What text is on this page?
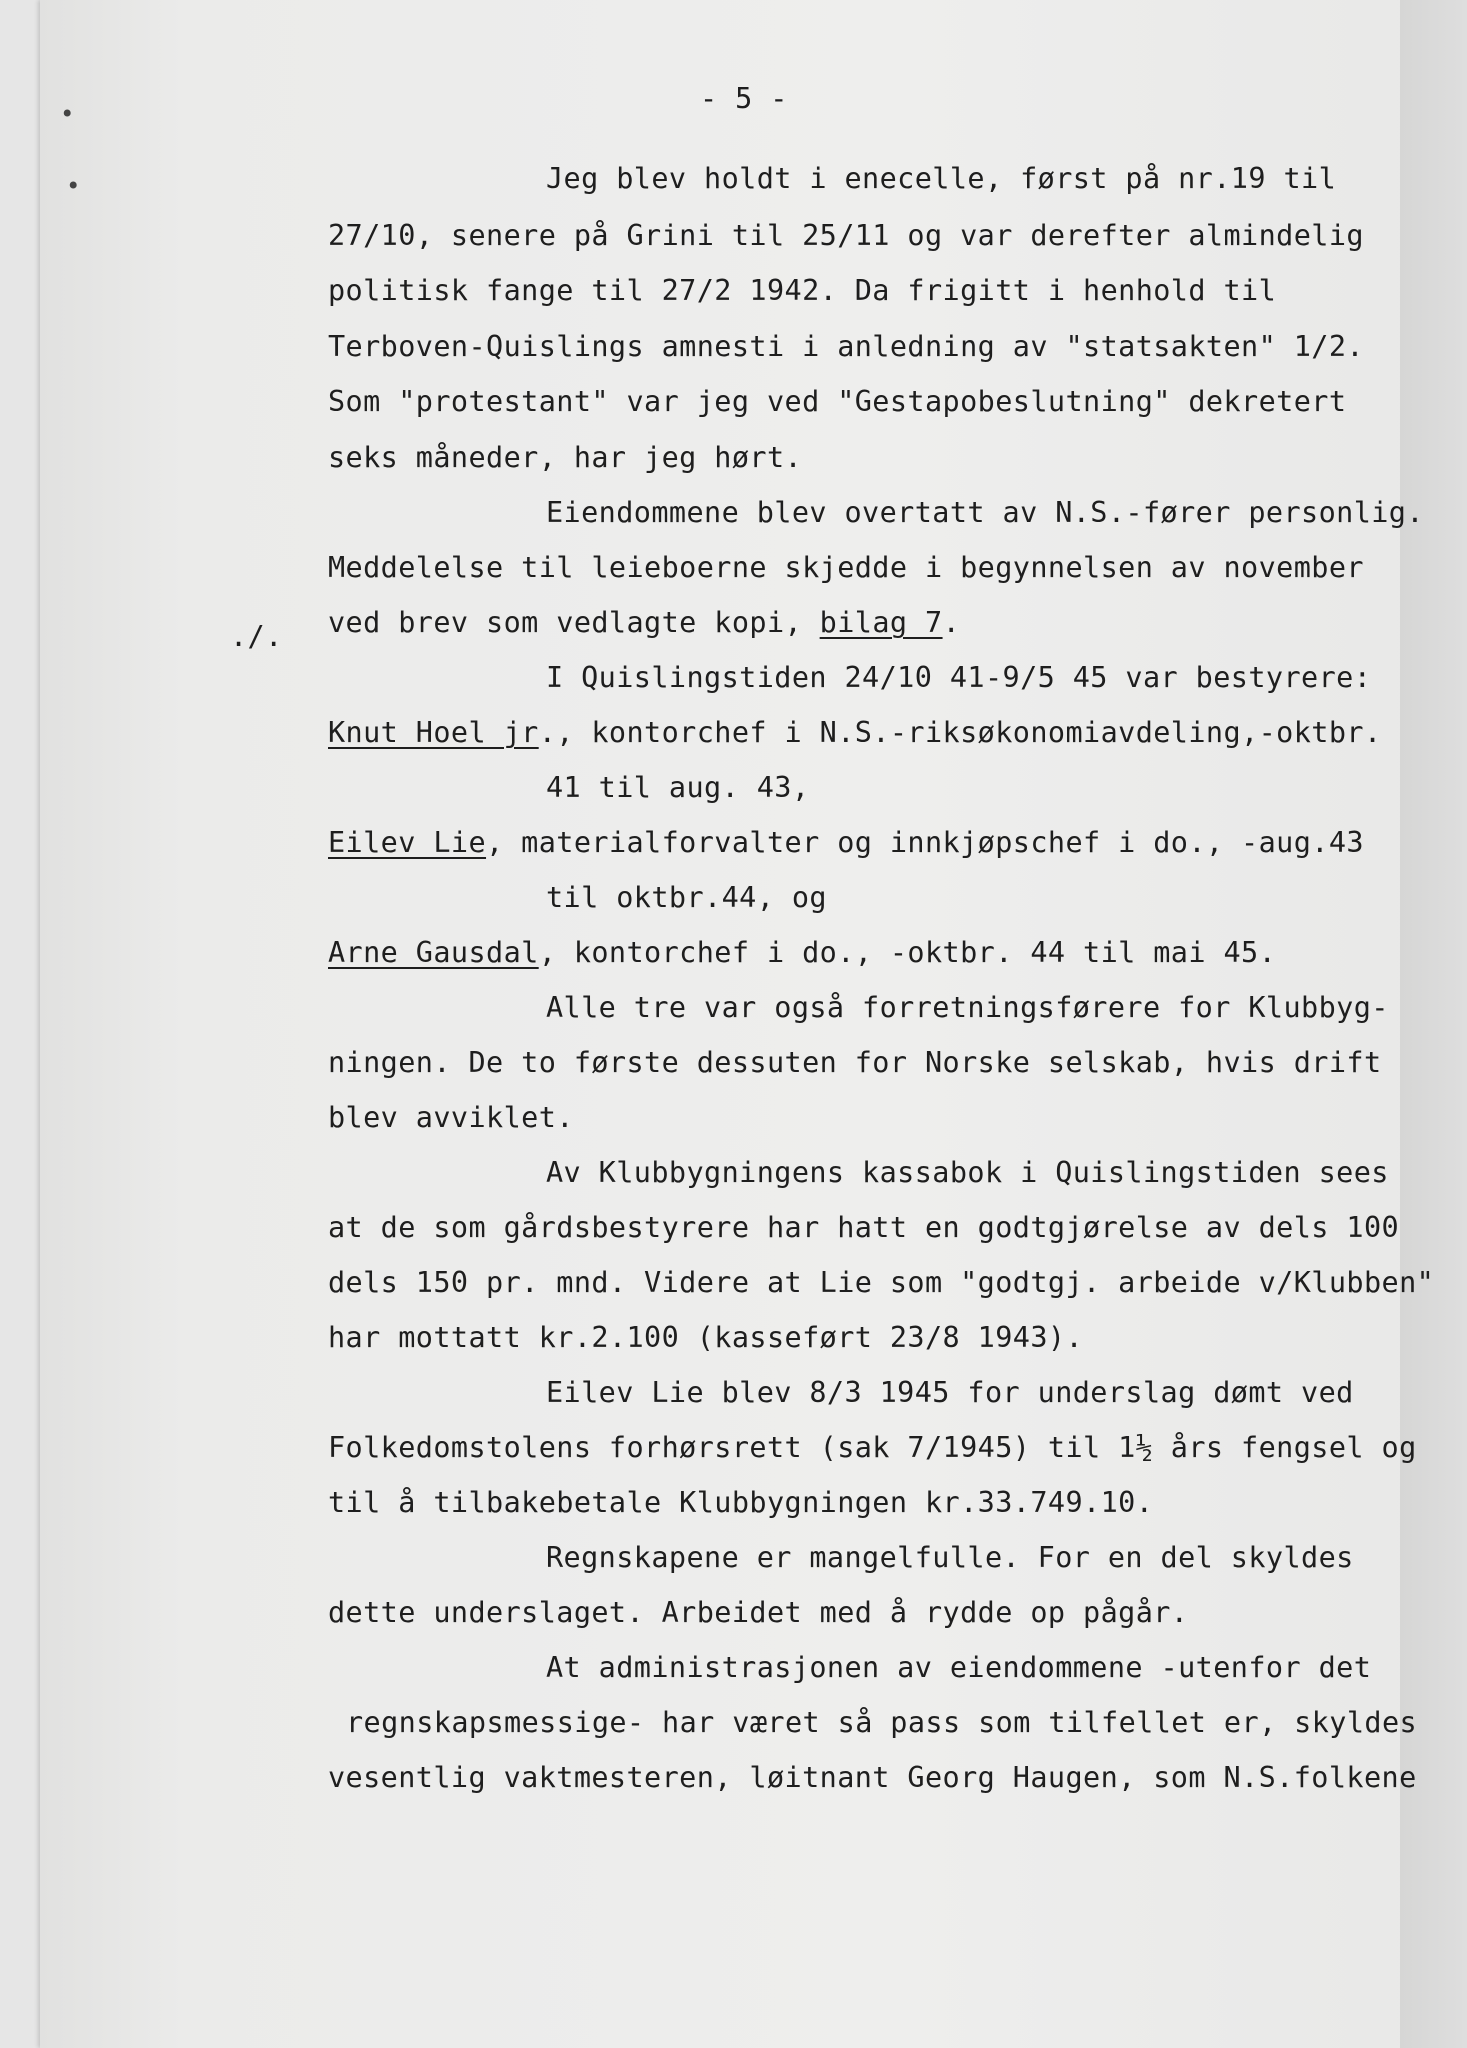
•
•
- 5 -
./.
Jeg blev holdt i enecelle, først på nr.19 til
27/10, senere på Grini til 25/11 og var derefter almindelig
politisk fange til 27/2 1942. Da frigitt i henhold til
Terboven-Quislings amnesti i anledning av "statsakten" 1/2.
Som "protestant" var jeg ved "Gestapobeslutning" dekretert
seks måneder, har jeg hørt.
Eiendommene blev overtatt av N.S.-fører personlig.
Meddelelse til leieboerne skjedde i begynnelsen av november
ved brev som vedlagte kopi, bilag 7.
I Quislingstiden 24/10 41-9/5 45 var bestyrere:
Knut Hoel jr., kontorchef i N.S.-riksøkonomiavdeling,-oktbr.
41 til aug. 43,
Eilev Lie, materialforvalter og innkjøpschef i do., -aug.43
til oktbr.44, og
Arne Gausdal, kontorchef i do., -oktbr. 44 til mai 45.
Alle tre var også forretningsførere for Klubbyg-
ningen. De to første dessuten for Norske selskab, hvis drift
blev avviklet.
Av Klubbygningens kassabok i Quislingstiden sees
at de som gårdsbestyrere har hatt en godtgjørelse av dels 100
dels 150 pr. mnd. Videre at Lie som "godtgj. arbeide v/Klubben"
har mottatt kr.2.100 (kasseført 23/8 1943).
Eilev Lie blev 8/3 1945 for underslag dømt ved
Folkedomstolens forhørsrett (sak 7/1945) til 1½ års fengsel og
til å tilbakebetale Klubbygningen kr.33.749.10.
Regnskapene er mangelfulle. For en del skyldes
dette underslaget. Arbeidet med å rydde op pågår.
At administrasjonen av eiendommene -utenfor det
regnskapsmessige- har været så pass som tilfellet er, skyldes
vesentlig vaktmesteren, løitnant Georg Haugen, som N.S.folkene
